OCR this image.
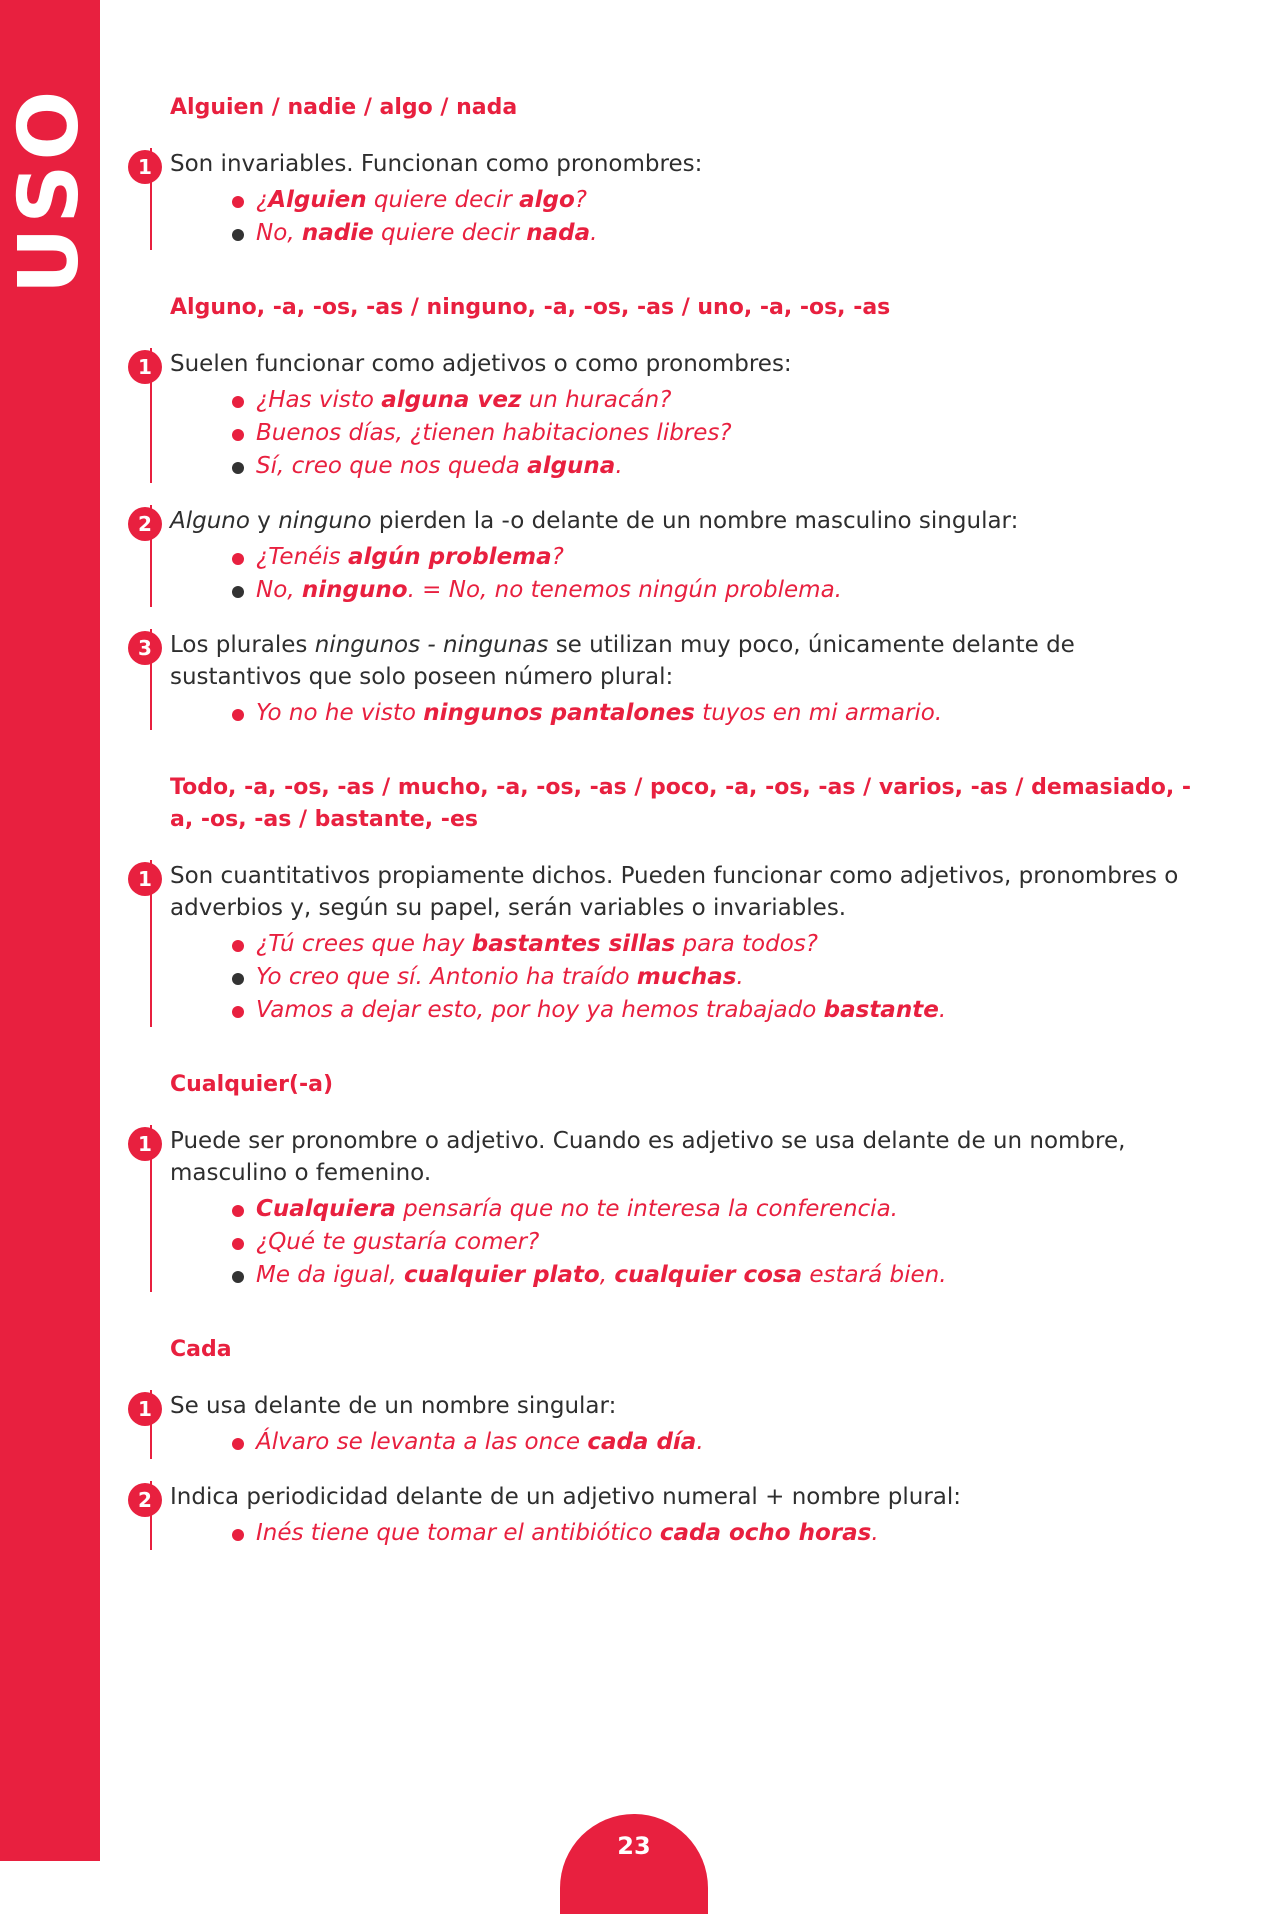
USO	Alguien / nadie / algo / nada
1 Son invariables. Funcionan como pronombres:

¿Alguien quiere decir algo?
No, nadie quiere decir nada.
Alguno, -a, -os, -as / ninguno, -a, -os, -as / uno, -a, -os, -as
1 Suelen funcionar como adjetivos o como pronombres:

¿Has visto alguna vez un huracán?
Buenos días, ¿tienen habitaciones libres?
Sí, creo que nos queda alguna.
2 Alguno y ninguno pierden la -o delante de un nombre masculino singular:

¿Tenéis algún problema?
No, ninguno. = No, no tenemos ningún problema.
3 Los plurales ningunos - ningunas se utilizan muy poco, únicamente delante de sustantivos que solo poseen número plural:

Yo no he visto ningunos pantalones tuyos en mi armario.
Todo, -a, -os, -as / mucho, -a, -os, -as / poco, -a, -os, -as / varios, -as / demasiado, -a, -os, -as / bastante, -es
1 Son cuantitativos propiamente dichos. Pueden funcionar como adjetivos, pronombres o adverbios y, según su papel, serán variables o invariables.

¿Tú crees que hay bastantes sillas para todos?
Yo creo que sí. Antonio ha traído muchas.
Vamos a dejar esto, por hoy ya hemos trabajado bastante.
Cualquier(-a)
1 Puede ser pronombre o adjetivo. Cuando es adjetivo se usa delante de un nombre, masculino o femenino.

Cualquiera pensaría que no te interesa la conferencia.
¿Qué te gustaría comer?
Me da igual, cualquier plato, cualquier cosa estará bien.
Cada
1 Se usa delante de un nombre singular:

Álvaro se levanta a las once cada día.
2 Indica periodicidad delante de un adjetivo numeral + nombre plural:

Inés tiene que tomar el antibiótico cada ocho horas.
23
